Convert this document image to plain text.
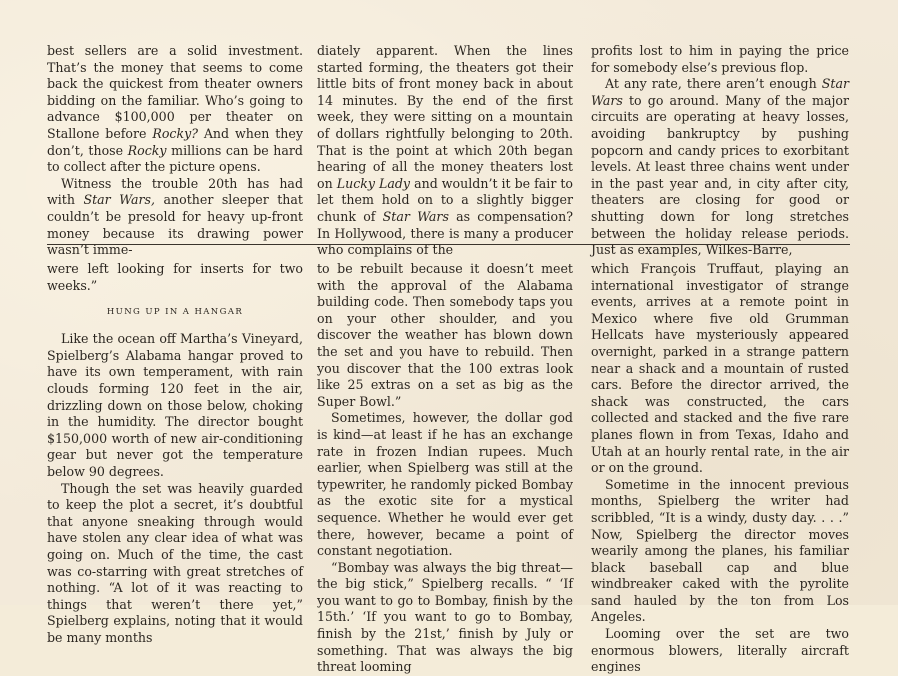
best sellers are a solid investment. That’s the money that seems to come back the quickest from theater owners bidding on the familiar. Who’s going to advance $100,000 per theater on Stallone before Rocky? And when they don’t, those Rocky millions can be hard to collect after the picture opens.

Witness the trouble 20th has had with Star Wars, another sleeper that couldn’t be presold for heavy up-front money because its drawing power wasn’t imme-

diately apparent. When the lines started forming, the theaters got their little bits of front money back in about 14 minutes. By the end of the first week, they were sitting on a mountain of dollars rightfully belonging to 20th. That is the point at which 20th began hearing of all the money theaters lost on Lucky Lady and wouldn’t it be fair to let them hold on to a slightly bigger chunk of Star Wars as compensation? In Hollywood, there is many a producer who complains of the

profits lost to him in paying the price for somebody else’s previous flop.

At any rate, there aren’t enough Star Wars to go around. Many of the major circuits are operating at heavy losses, avoiding bankruptcy by pushing popcorn and candy prices to exorbitant levels. At least three chains went under in the past year and, in city after city, theaters are closing for good or shutting down for long stretches between the holiday release periods. Just as examples, Wilkes-Barre,

were left looking for inserts for two weeks.”

HUNG UP IN A HANGAR

Like the ocean off Martha’s Vineyard, Spielberg’s Alabama hangar proved to have its own temperament, with rain clouds forming 120 feet in the air, drizzling down on those below, choking in the humidity. The director bought $150,000 worth of new air-conditioning gear but never got the temperature below 90 degrees.

Though the set was heavily guarded to keep the plot a secret, it’s doubtful that anyone sneaking through would have stolen any clear idea of what was going on. Much of the time, the cast was co-starring with great stretches of nothing. “A lot of it was reacting to things that weren’t there yet,” Spielberg explains, noting that it would be many months

to be rebuilt because it doesn’t meet with the approval of the Alabama building code. Then somebody taps you on your other shoulder, and you discover the weather has blown down the set and you have to rebuild. Then you discover that the 100 extras look like 25 extras on a set as big as the Super Bowl.”

Sometimes, however, the dollar god is kind—at least if he has an exchange rate in frozen Indian rupees. Much earlier, when Spielberg was still at the typewriter, he randomly picked Bombay as the exotic site for a mystical sequence. Whether he would ever get there, however, became a point of constant negotiation.

“Bombay was always the big threat—the big stick,” Spielberg recalls. “ ‘If you want to go to Bombay, finish by the 15th.’ ‘If you want to go to Bombay, finish by the 21st,’ finish by July or something. That was always the big threat looming

which François Truffaut, playing an international investigator of strange events, arrives at a remote point in Mexico where five old Grumman Hellcats have mysteriously appeared overnight, parked in a strange pattern near a shack and a mountain of rusted cars. Before the director arrived, the shack was constructed, the cars collected and stacked and the five rare planes flown in from Texas, Idaho and Utah at an hourly rental rate, in the air or on the ground.

Sometime in the innocent previous months, Spielberg the writer had scribbled, “It is a windy, dusty day. . . .” Now, Spielberg the director moves wearily among the planes, his familiar black baseball cap and blue windbreaker caked with the pyrolite sand hauled by the ton from Los Angeles.

Looming over the set are two enormous blowers, literally aircraft engines
